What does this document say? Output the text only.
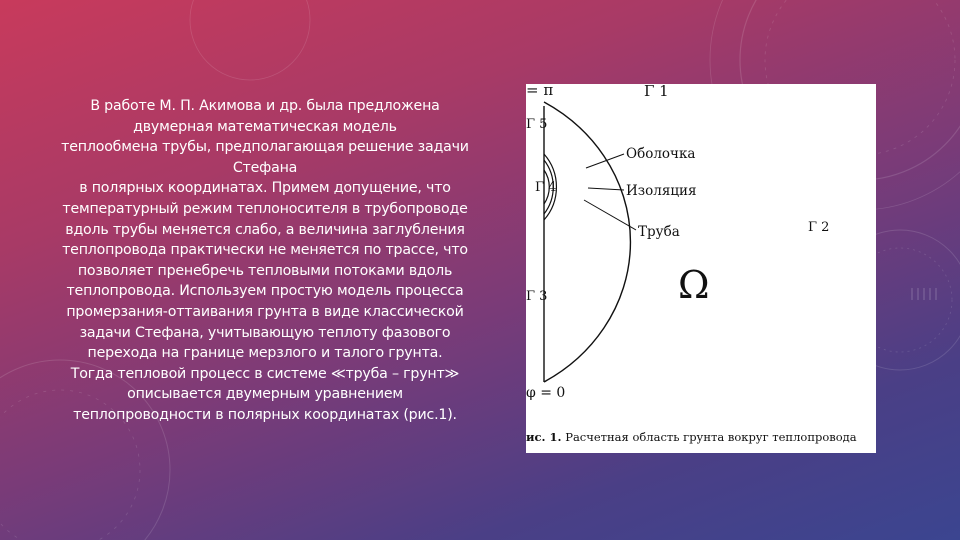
В работе М. П. Акимова и др. была предложена
двумерная математическая модель
теплообмена трубы, предполагающая решение задачи
Стефана
в полярных координатах. Примем допущение, что
температурный режим теплоносителя в трубопроводе
вдоль трубы меняется слабо, а величина заглубления
теплопровода практически не меняется по трассе, что
позволяет пренебречь тепловыми потоками вдоль
теплопровода. Используем простую модель процесса
промерзания-оттаивания грунта в виде классической
задачи Стефана, учитывающую теплоту фазового
перехода на границе мерзлого и талого грунта.
Тогда тепловой процесс в системе ≪труба – грунт≫
описывается двумерным уравнением
теплопроводности в полярных координатах (рис.1).
= π	Γ 1
Γ 5
Γ 4
Оболочка
Изоляция
Труба	Γ 2
Ω
Γ 3
φ = 0
ис. 1. Расчетная область грунта вокруг теплопровода
